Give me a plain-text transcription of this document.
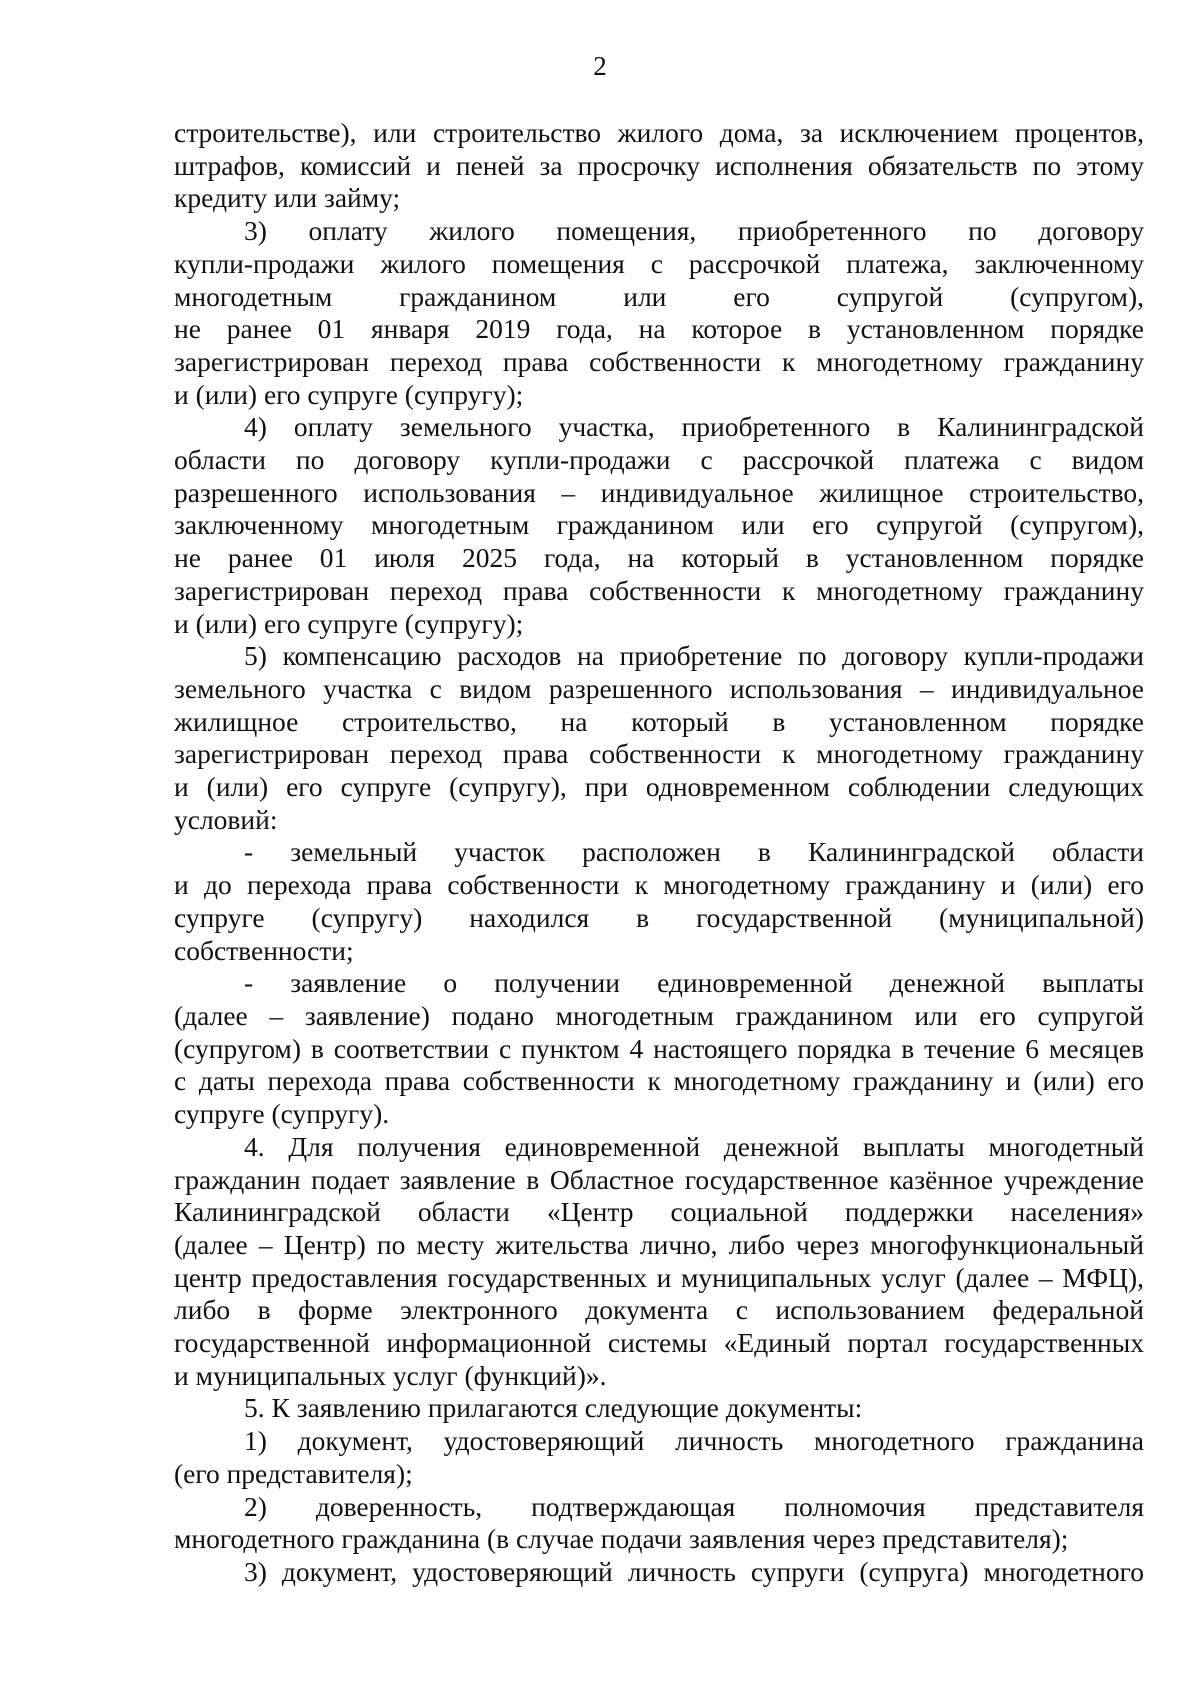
2

строительстве), или строительство жилого дома, за исключением процентов,

штрафов, комиссий и пеней за просрочку исполнения обязательств по этому

кредиту или займу;

3) оплату жилого помещения, приобретенного по договору

купли-продажи жилого помещения с рассрочкой платежа, заключенному

многодетным гражданином или его супругой (супругом),

не ранее 01 января 2019 года, на которое в установленном порядке

зарегистрирован переход права собственности к многодетному гражданину

и (или) его супруге (супругу);

4) оплату земельного участка, приобретенного в Калининградской

области по договору купли-продажи с рассрочкой платежа с видом

разрешенного использования – индивидуальное жилищное строительство,

заключенному многодетным гражданином или его супругой (супругом),

не ранее 01 июля 2025 года, на который в установленном порядке

зарегистрирован переход права собственности к многодетному гражданину

и (или) его супруге (супругу);

5) компенсацию расходов на приобретение по договору купли-продажи

земельного участка с видом разрешенного использования – индивидуальное

жилищное строительство, на который в установленном порядке

зарегистрирован переход права собственности к многодетному гражданину

и (или) его супруге (супругу), при одновременном соблюдении следующих

условий:

- земельный участок расположен в Калининградской области

и до перехода права собственности к многодетному гражданину и (или) его

супруге (супругу) находился в государственной (муниципальной)

собственности;

- заявление о получении единовременной денежной выплаты

(далее – заявление) подано многодетным гражданином или его супругой

(супругом) в соответствии с пунктом 4 настоящего порядка в течение 6 месяцев

с даты перехода права собственности к многодетному гражданину и (или) его

супруге (супругу).

4. Для получения единовременной денежной выплаты многодетный

гражданин подает заявление в Областное государственное казённое учреждение

Калининградской области «Центр социальной поддержки населения»

(далее – Центр) по месту жительства лично, либо через многофункциональный

центр предоставления государственных и муниципальных услуг (далее – МФЦ),

либо в форме электронного документа с использованием федеральной

государственной информационной системы «Единый портал государственных

и муниципальных услуг (функций)».

5. К заявлению прилагаются следующие документы:

1) документ, удостоверяющий личность многодетного гражданина

(его представителя);

2) доверенность, подтверждающая полномочия представителя

многодетного гражданина (в случае подачи заявления через представителя);

3) документ, удостоверяющий личность супруги (супруга) многодетного
